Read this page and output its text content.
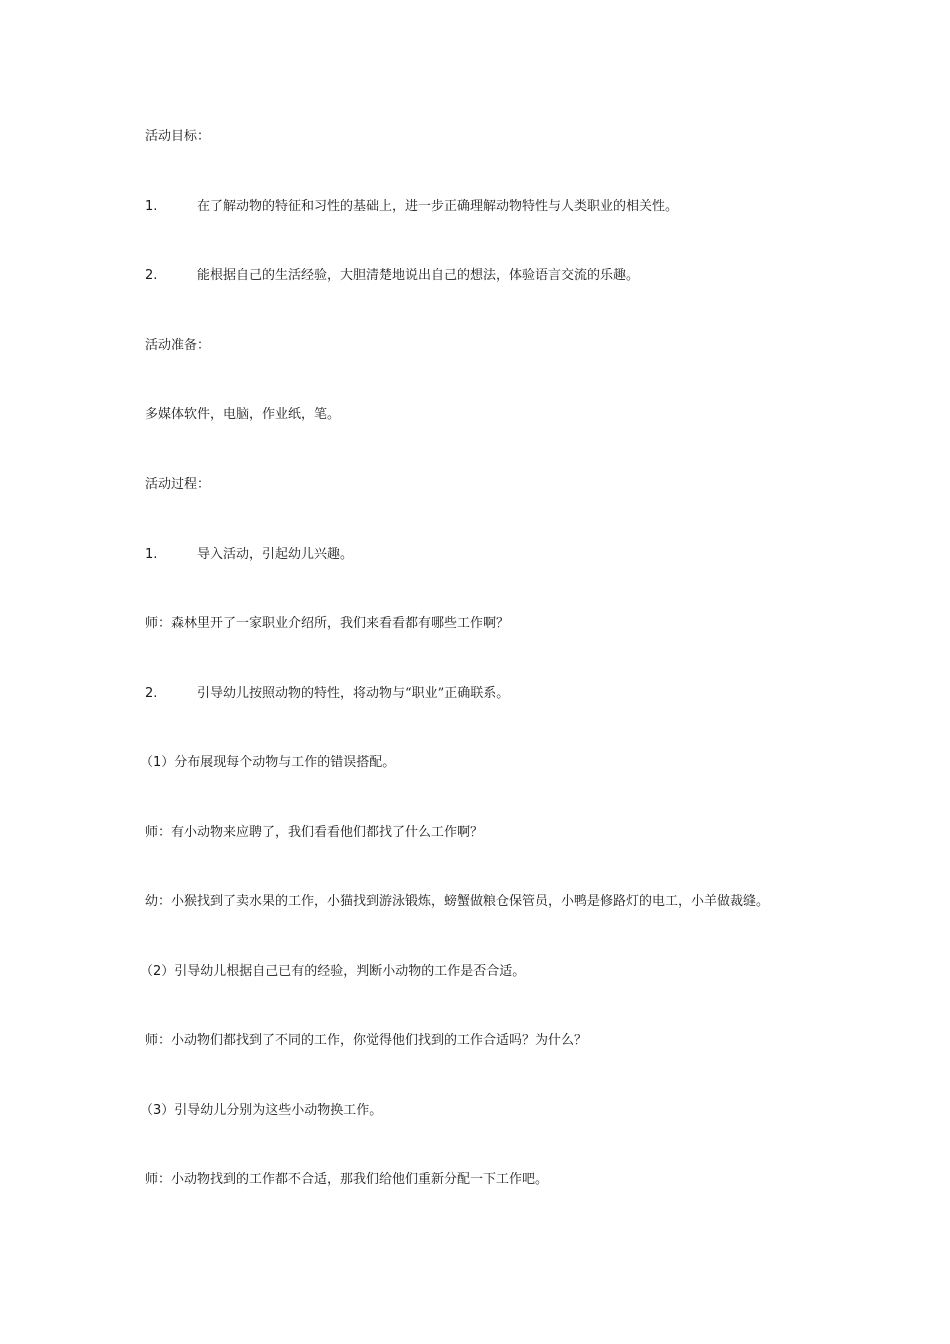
活动目标：
1.	在了解动物的特征和习性的基础上，进一步正确理解动物特性与人类职业的相关性。
2.	能根据自己的生活经验，大胆清楚地说出自己的想法，体验语言交流的乐趣。
活动准备：
多媒体软件，电脑，作业纸，笔。
活动过程：
1.	导入活动，引起幼儿兴趣。
师：森林里开了一家职业介绍所，我们来看看都有哪些工作啊？
2.	引导幼儿按照动物的特性，将动物与“职业”正确联系。
（1）分布展现每个动物与工作的错误搭配。
师：有小动物来应聘了，我们看看他们都找了什么工作啊？
幼：小猴找到了卖水果的工作，小猫找到游泳锻炼，螃蟹做粮仓保管员，小鸭是修路灯的电工，小羊做裁缝。
（2）引导幼儿根据自己已有的经验，判断小动物的工作是否合适。
师：小动物们都找到了不同的工作，你觉得他们找到的工作合适吗？为什么？
（3）引导幼儿分别为这些小动物换工作。
师：小动物找到的工作都不合适，那我们给他们重新分配一下工作吧。
